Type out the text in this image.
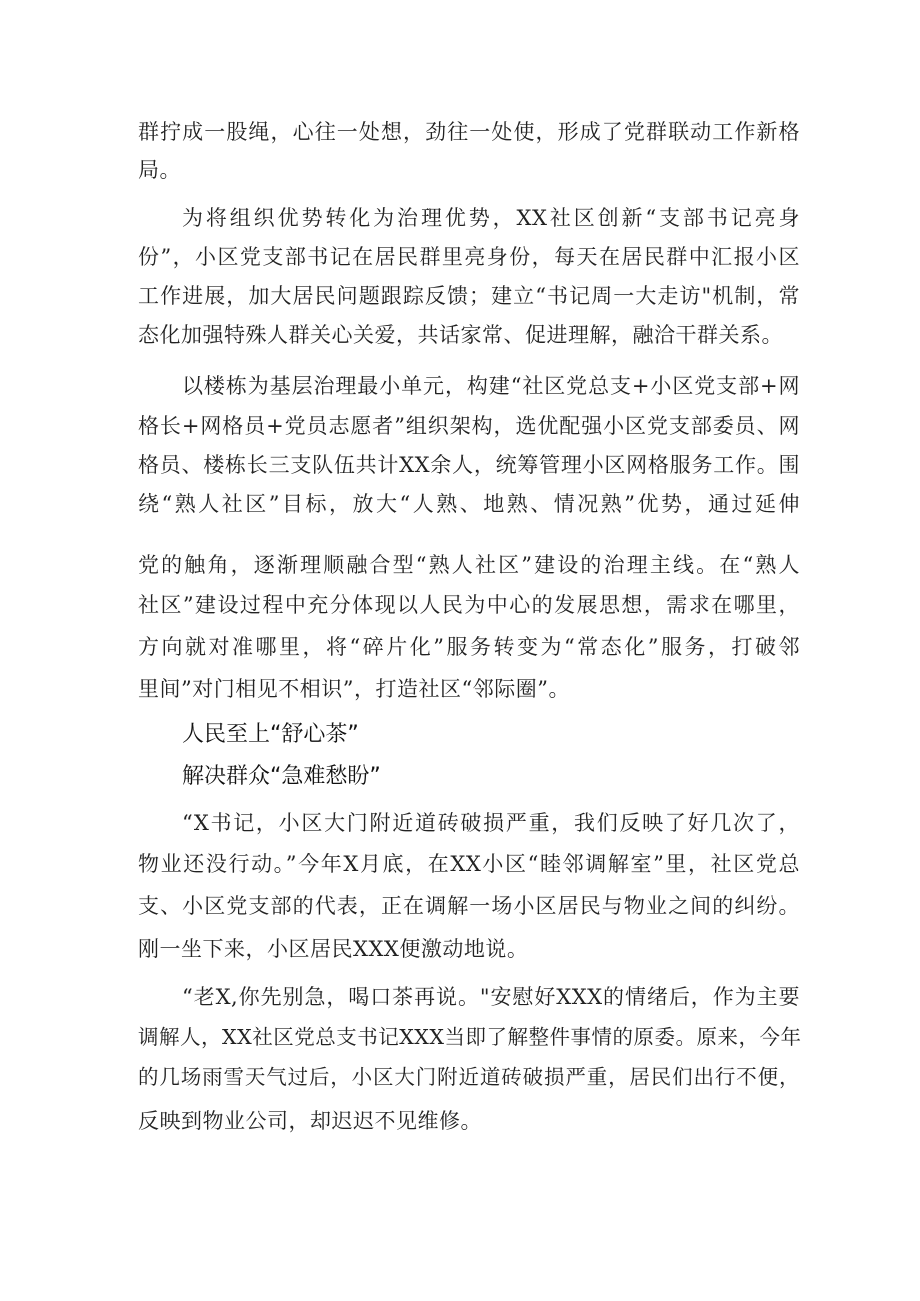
群拧成一股绳，心往一处想，劲往一处使，形成了党群联动工作新格
局。
为将组织优势转化为治理优势，XX社区创新“支部书记亮身
份”，小区党支部书记在居民群里亮身份，每天在居民群中汇报小区
工作进展，加大居民问题跟踪反馈；建立“书记周一大走访"机制，常
态化加强特殊人群关心关爱，共话家常、促进理解，融洽干群关系。
以楼栋为基层治理最小单元，构建“社区党总支+小区党支部+网
格长+网格员+党员志愿者”组织架构，选优配强小区党支部委员、网
格员、楼栋长三支队伍共计XX余人，统筹管理小区网格服务工作。围
绕“熟人社区”目标，放大“人熟、地熟、情况熟”优势，通过延伸
党的触角，逐渐理顺融合型“熟人社区”建设的治理主线。在“熟人
社区”建设过程中充分体现以人民为中心的发展思想，需求在哪里，
方向就对准哪里，将“碎片化”服务转变为“常态化”服务，打破邻
里间”对门相见不相识”，打造社区“邻际圈”。
人民至上“舒心茶”
解决群众“急难愁盼”
“X书记，小区大门附近道砖破损严重，我们反映了好几次了，
物业还没行动。”今年X月底，在XX小区“睦邻调解室”里，社区党总
支、小区党支部的代表，正在调解一场小区居民与物业之间的纠纷。
刚一坐下来，小区居民XXX便激动地说。
“老X,你先别急，喝口茶再说。"安慰好XXX的情绪后，作为主要
调解人，XX社区党总支书记XXX当即了解整件事情的原委。原来，今年
的几场雨雪天气过后，小区大门附近道砖破损严重，居民们出行不便，
反映到物业公司，却迟迟不见维修。
